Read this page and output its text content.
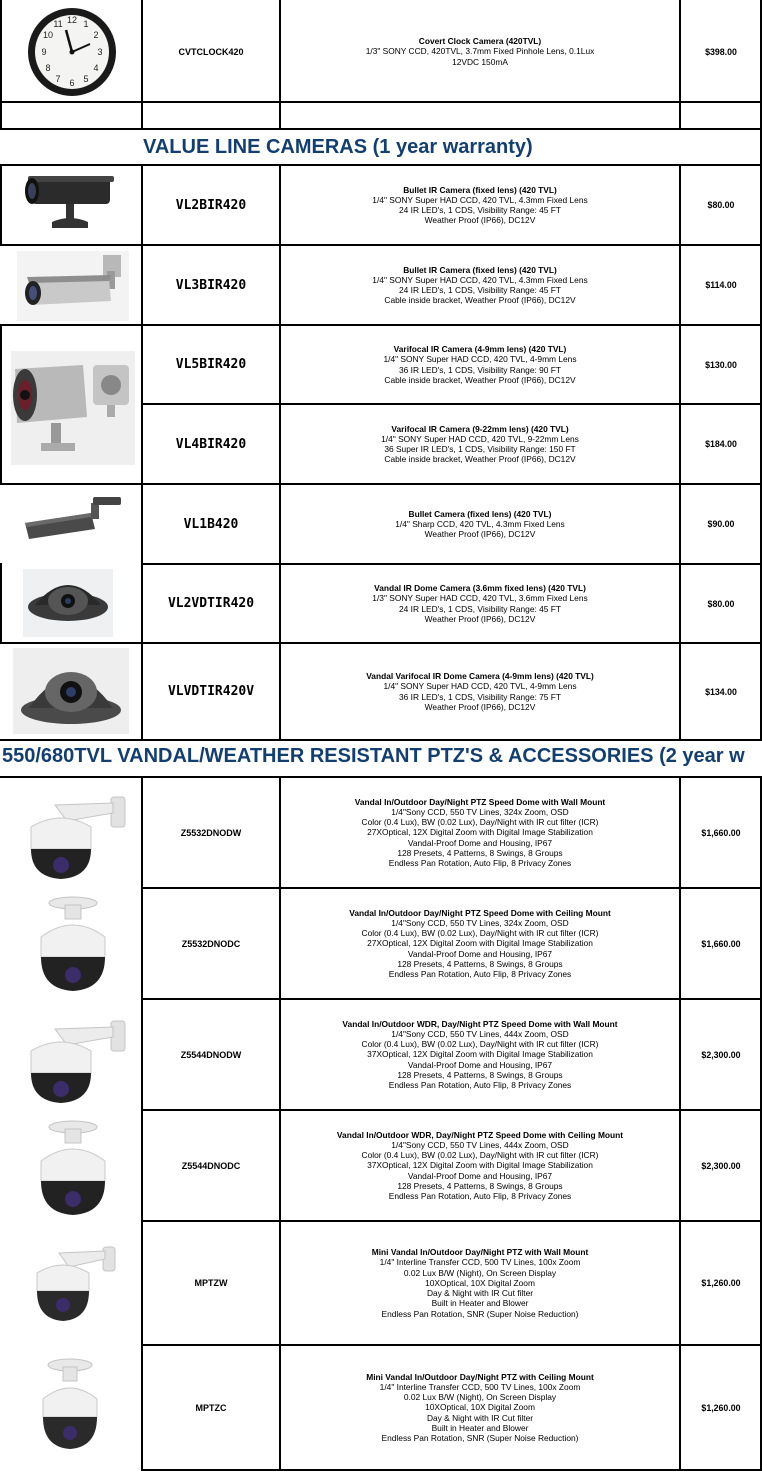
VALUE LINE CAMERAS (1 year warranty)
550/680TVL VANDAL/WEATHER RESISTANT PTZ'S & ACCESSORIES (2 year w
12 1
2
3
4
5
6
7
8
9
10
11
CVTCLOCK420
Covert Clock Camera (420TVL)
1/3" SONY CCD, 420TVL, 3.7mm Fixed Pinhole Lens, 0.1Lux
12VDC 150mA
$398.00
VL2BIR420
Bullet IR Camera (fixed lens) (420 TVL)
1/4" SONY Super HAD CCD, 420 TVL, 4.3mm Fixed Lens
24 IR LED's, 1 CDS, Visibility Range: 45 FT
Weather Proof (IP66), DC12V
$80.00
VL3BIR420
Bullet IR Camera (fixed lens) (420 TVL)
1/4" SONY Super HAD CCD, 420 TVL, 4.3mm Fixed Lens
24 IR LED's, 1 CDS, Visibility Range: 45 FT
Cable inside bracket, Weather Proof (IP66), DC12V
$114.00
VL5BIR420
Varifocal IR Camera (4-9mm lens) (420 TVL)
1/4" SONY Super HAD CCD, 420 TVL, 4-9mm Lens
36 IR LED's, 1 CDS, Visibility Range: 90 FT
Cable inside bracket, Weather Proof (IP66), DC12V
$130.00
VL4BIR420
Varifocal IR Camera (9-22mm lens) (420 TVL)
1/4" SONY Super HAD CCD, 420 TVL, 9-22mm Lens
36 Super IR LED's, 1 CDS, Visibility Range: 150 FT
Cable inside bracket, Weather Proof (IP66), DC12V
$184.00
VL1B420
Bullet Camera (fixed lens) (420 TVL)
1/4" Sharp CCD, 420 TVL, 4.3mm Fixed Lens
Weather Proof (IP66), DC12V
$90.00
VL2VDTIR420
Vandal IR Dome Camera (3.6mm fixed lens) (420 TVL)
1/3" SONY Super HAD CCD, 420 TVL, 3.6mm Fixed Lens
24 IR LED's, 1 CDS, Visibility Range: 45 FT
Weather Proof (IP66), DC12V
$80.00
VLVDTIR420V
Vandal Varifocal IR Dome Camera (4-9mm lens) (420 TVL)
1/4" SONY Super HAD CCD, 420 TVL, 4-9mm Lens
36 IR LED's, 1 CDS, Visibility Range: 75 FT
Weather Proof (IP66), DC12V
$134.00
Z5532DNODW
Vandal In/Outdoor Day/Night PTZ Speed Dome with Wall Mount
1/4"Sony CCD, 550 TV Lines, 324x Zoom, OSD
Color (0.4 Lux), BW (0.02 Lux), Day/Night with IR cut filter (ICR)
27XOptical, 12X Digital Zoom with Digital Image Stabilization
Vandal-Proof Dome and Housing, IP67
128 Presets, 4 Patterns, 8 Swings, 8 Groups
Endless Pan Rotation, Auto Flip, 8 Privacy Zones
$1,660.00
Z5532DNODC
Vandal In/Outdoor Day/Night PTZ Speed Dome with Ceiling Mount
1/4"Sony CCD, 550 TV Lines, 324x Zoom, OSD
Color (0.4 Lux), BW (0.02 Lux), Day/Night with IR cut filter (ICR)
27XOptical, 12X Digital Zoom with Digital Image Stabilization
Vandal-Proof Dome and Housing, IP67
128 Presets, 4 Patterns, 8 Swings, 8 Groups
Endless Pan Rotation, Auto Flip, 8 Privacy Zones
$1,660.00
Z5544DNODW
Vandal In/Outdoor WDR, Day/Night PTZ Speed Dome with Wall Mount
1/4"Sony CCD, 550 TV Lines, 444x Zoom, OSD
Color (0.4 Lux), BW (0.02 Lux), Day/Night with IR cut filter (ICR)
37XOptical, 12X Digital Zoom with Digital Image Stabilization
Vandal-Proof Dome and Housing, IP67
128 Presets, 4 Patterns, 8 Swings, 8 Groups
Endless Pan Rotation, Auto Flip, 8 Privacy Zones
$2,300.00
Z5544DNODC
Vandal In/Outdoor WDR, Day/Night PTZ Speed Dome with Ceiling Mount
1/4"Sony CCD, 550 TV Lines, 444x Zoom, OSD
Color (0.4 Lux), BW (0.02 Lux), Day/Night with IR cut filter (ICR)
37XOptical, 12X Digital Zoom with Digital Image Stabilization
Vandal-Proof Dome and Housing, IP67
128 Presets, 4 Patterns, 8 Swings, 8 Groups
Endless Pan Rotation, Auto Flip, 8 Privacy Zones
$2,300.00
MPTZW
Mini Vandal In/Outdoor Day/Night PTZ with Wall Mount
1/4" Interline Transfer CCD, 500 TV Lines, 100x Zoom
0.02 Lux B/W (Night), On Screen Display
10XOptical, 10X Digital Zoom
Day & Night with IR Cut filter
Built in Heater and Blower
Endless Pan Rotation, SNR (Super Noise Reduction)
$1,260.00
MPTZC
Mini Vandal In/Outdoor Day/Night PTZ with Ceiling Mount
1/4" Interline Transfer CCD, 500 TV Lines, 100x Zoom
0.02 Lux B/W (Night), On Screen Display
10XOptical, 10X Digital Zoom
Day & Night with IR Cut filter
Built in Heater and Blower
Endless Pan Rotation, SNR (Super Noise Reduction)
$1,260.00
